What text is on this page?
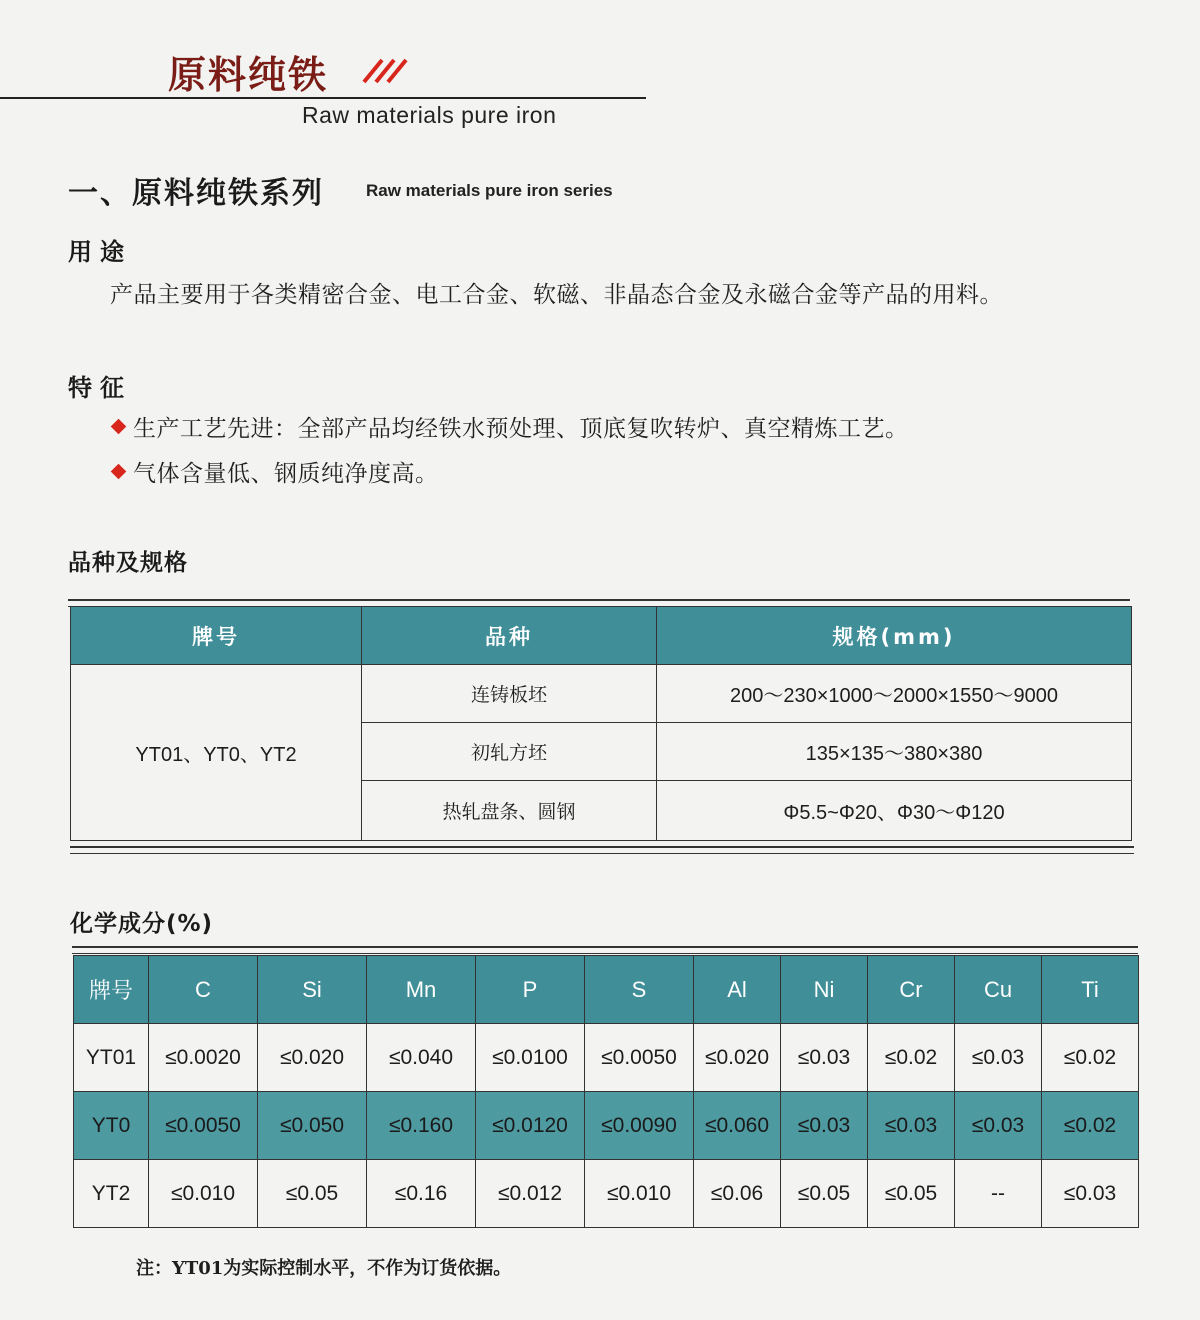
原料纯铁
Raw materials pure iron
一、原料纯铁系列 Raw materials pure iron series
用途
产品主要用于各类精密合金、电工合金、软磁、非晶态合金及永磁合金等产品的用料。
特征
生产工艺先进：全部产品均经铁水预处理、顶底复吹转炉、真空精炼工艺。
气体含量低、钢质纯净度高。
品种及规格
牌号	品种	规格(mm)
YT01、YT0、YT2	连铸板坯	200～230×1000～2000×1550～9000
	初轧方坯	135×135～380×380
	热轧盘条、圆钢	Φ5.5~Φ20、Φ30～Φ120
化学成分(%)
牌号	C	Si	Mn	P	S	Al	Ni	Cr	Cu	Ti
YT01	≤0.0020	≤0.020	≤0.040	≤0.0100	≤0.0050	≤0.020	≤0.03	≤0.02	≤0.03	≤0.02
YT0	≤0.0050	≤0.050	≤0.160	≤0.0120	≤0.0090	≤0.060	≤0.03	≤0.03	≤0.03	≤0.02
YT2	≤0.010	≤0.05	≤0.16	≤0.012	≤0.010	≤0.06	≤0.05	≤0.05	--	≤0.03
注：YT01为实际控制水平，不作为订货依据。
